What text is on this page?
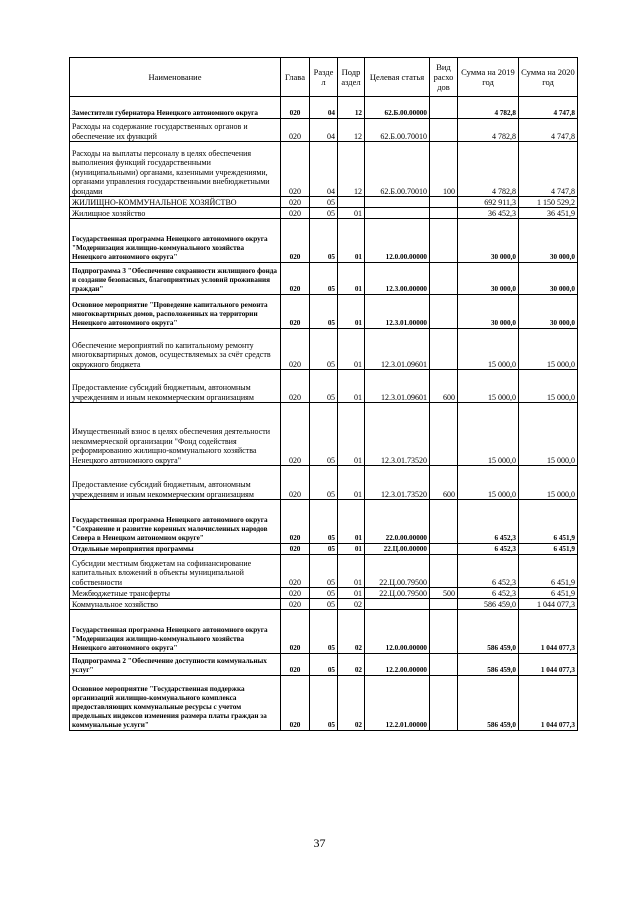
Наименование	Глава	Разде л	Подр аздел	Целевая статья	Вид расхо дов	Сумма на 2019 год	Сумма на 2020 год
Заместители губернатора Ненецкого автономного округа	020	04	12	62.Б.00.00000		4 782,8	4 747,8
Расходы на содержание государственных органов и обеспечение их функций	020	04	12	62.Б.00.70010		4 782,8	4 747,8
Расходы на выплаты персоналу в целях обеспечения выполнения функций государственными (муниципальными) органами, казенными учреждениями, органами управления государственными внебюджетными фондами	020	04	12	62.Б.00.70010	100	4 782,8	4 747,8
ЖИЛИЩНО-КОММУНАЛЬНОЕ ХОЗЯЙСТВО	020	05				692 911,3	1 150 529,2
Жилищное хозяйство	020	05	01			36 452,3	36 451,9
Государственная программа Ненецкого автономного округа "Модернизация жилищно-коммунального хозяйства Ненецкого автономного округа"	020	05	01	12.0.00.00000		30 000,0	30 000,0
Подпрограмма 3 "Обеспечение сохранности жилищного фонда и создание безопасных, благоприятных условий проживания граждан"	020	05	01	12.3.00.00000		30 000,0	30 000,0
Основное мероприятие "Проведение капитального ремонта многоквартирных домов, расположенных на территории Ненецкого автономного округа"	020	05	01	12.3.01.00000		30 000,0	30 000,0
Обеспечение мероприятий по капитальному ремонту многоквартирных домов, осуществляемых за счёт средств окружного бюджета	020	05	01	12.3.01.09601		15 000,0	15 000,0
Предоставление субсидий бюджетным, автономным учреждениям и иным некоммерческим организациям	020	05	01	12.3.01.09601	600	15 000,0	15 000,0
Имущественный взнос в целях обеспечения деятельности некоммерческой организации "Фонд содействия реформированию жилищно-коммунального хозяйства Ненецкого автономного округа"	020	05	01	12.3.01.73520		15 000,0	15 000,0
Предоставление субсидий бюджетным, автономным учреждениям и иным некоммерческим организациям	020	05	01	12.3.01.73520	600	15 000,0	15 000,0
Государственная программа Ненецкого автономного округа "Сохранение и развитие коренных малочисленных народов Севера в Ненецком автономном округе"	020	05	01	22.0.00.00000		6 452,3	6 451,9
Отдельные мероприятия программы	020	05	01	22.Ц.00.00000		6 452,3	6 451,9
Субсидии местным бюджетам на софинансирование капитальных вложений в объекты муниципальной собственности	020	05	01	22.Ц.00.79500		6 452,3	6 451,9
Межбюджетные трансферты	020	05	01	22.Ц.00.79500	500	6 452,3	6 451,9
Коммунальное хозяйство	020	05	02			586 459,0	1 044 077,3
Государственная программа Ненецкого автономного округа "Модернизация жилищно-коммунального хозяйства Ненецкого автономного округа"	020	05	02	12.0.00.00000		586 459,0	1 044 077,3
Подпрограмма 2 "Обеспечение доступности коммунальных услуг"	020	05	02	12.2.00.00000		586 459,0	1 044 077,3
Основное мероприятие "Государственная поддержка организаций жилищно-коммунального комплекса предоставляющих коммунальные ресурсы с учетом предельных индексов изменения размера платы граждан за коммунальные услуги"	020	05	02	12.2.01.00000		586 459,0	1 044 077,3
37
